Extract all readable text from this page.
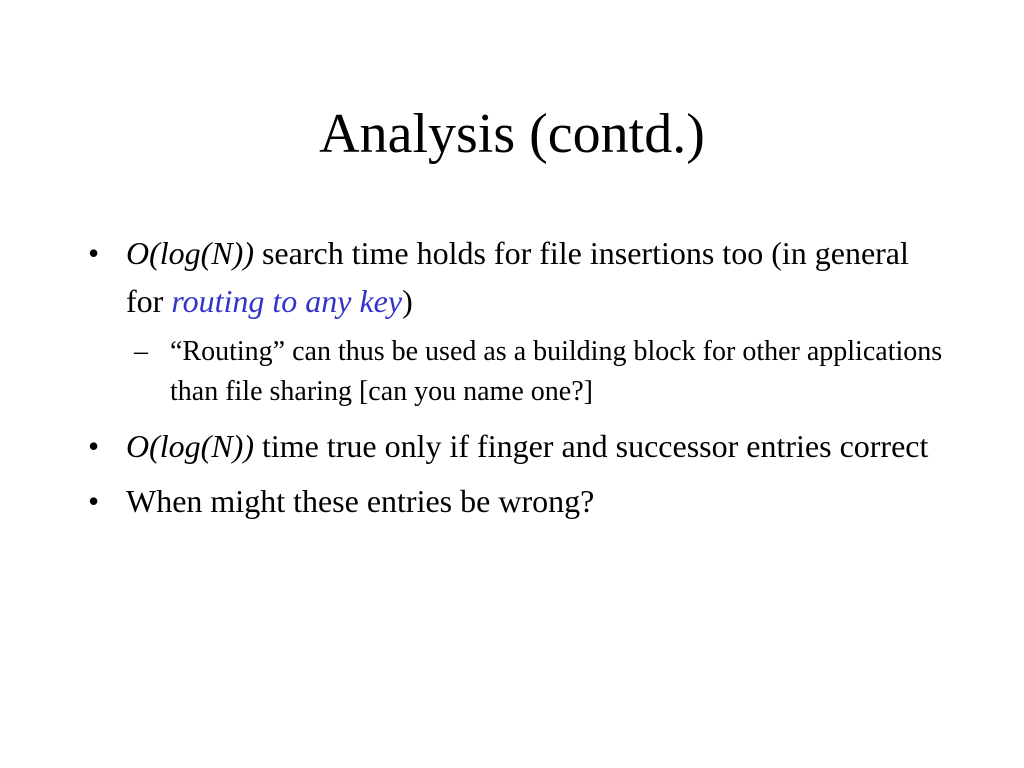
Analysis (contd.)
• O(log(N)) search time holds for file insertions too (in general for routing to any key)
– “Routing” can thus be used as a building block for other applications than file sharing [can you name one?]
• O(log(N)) time true only if finger and successor entries correct
• When might these entries be wrong?
